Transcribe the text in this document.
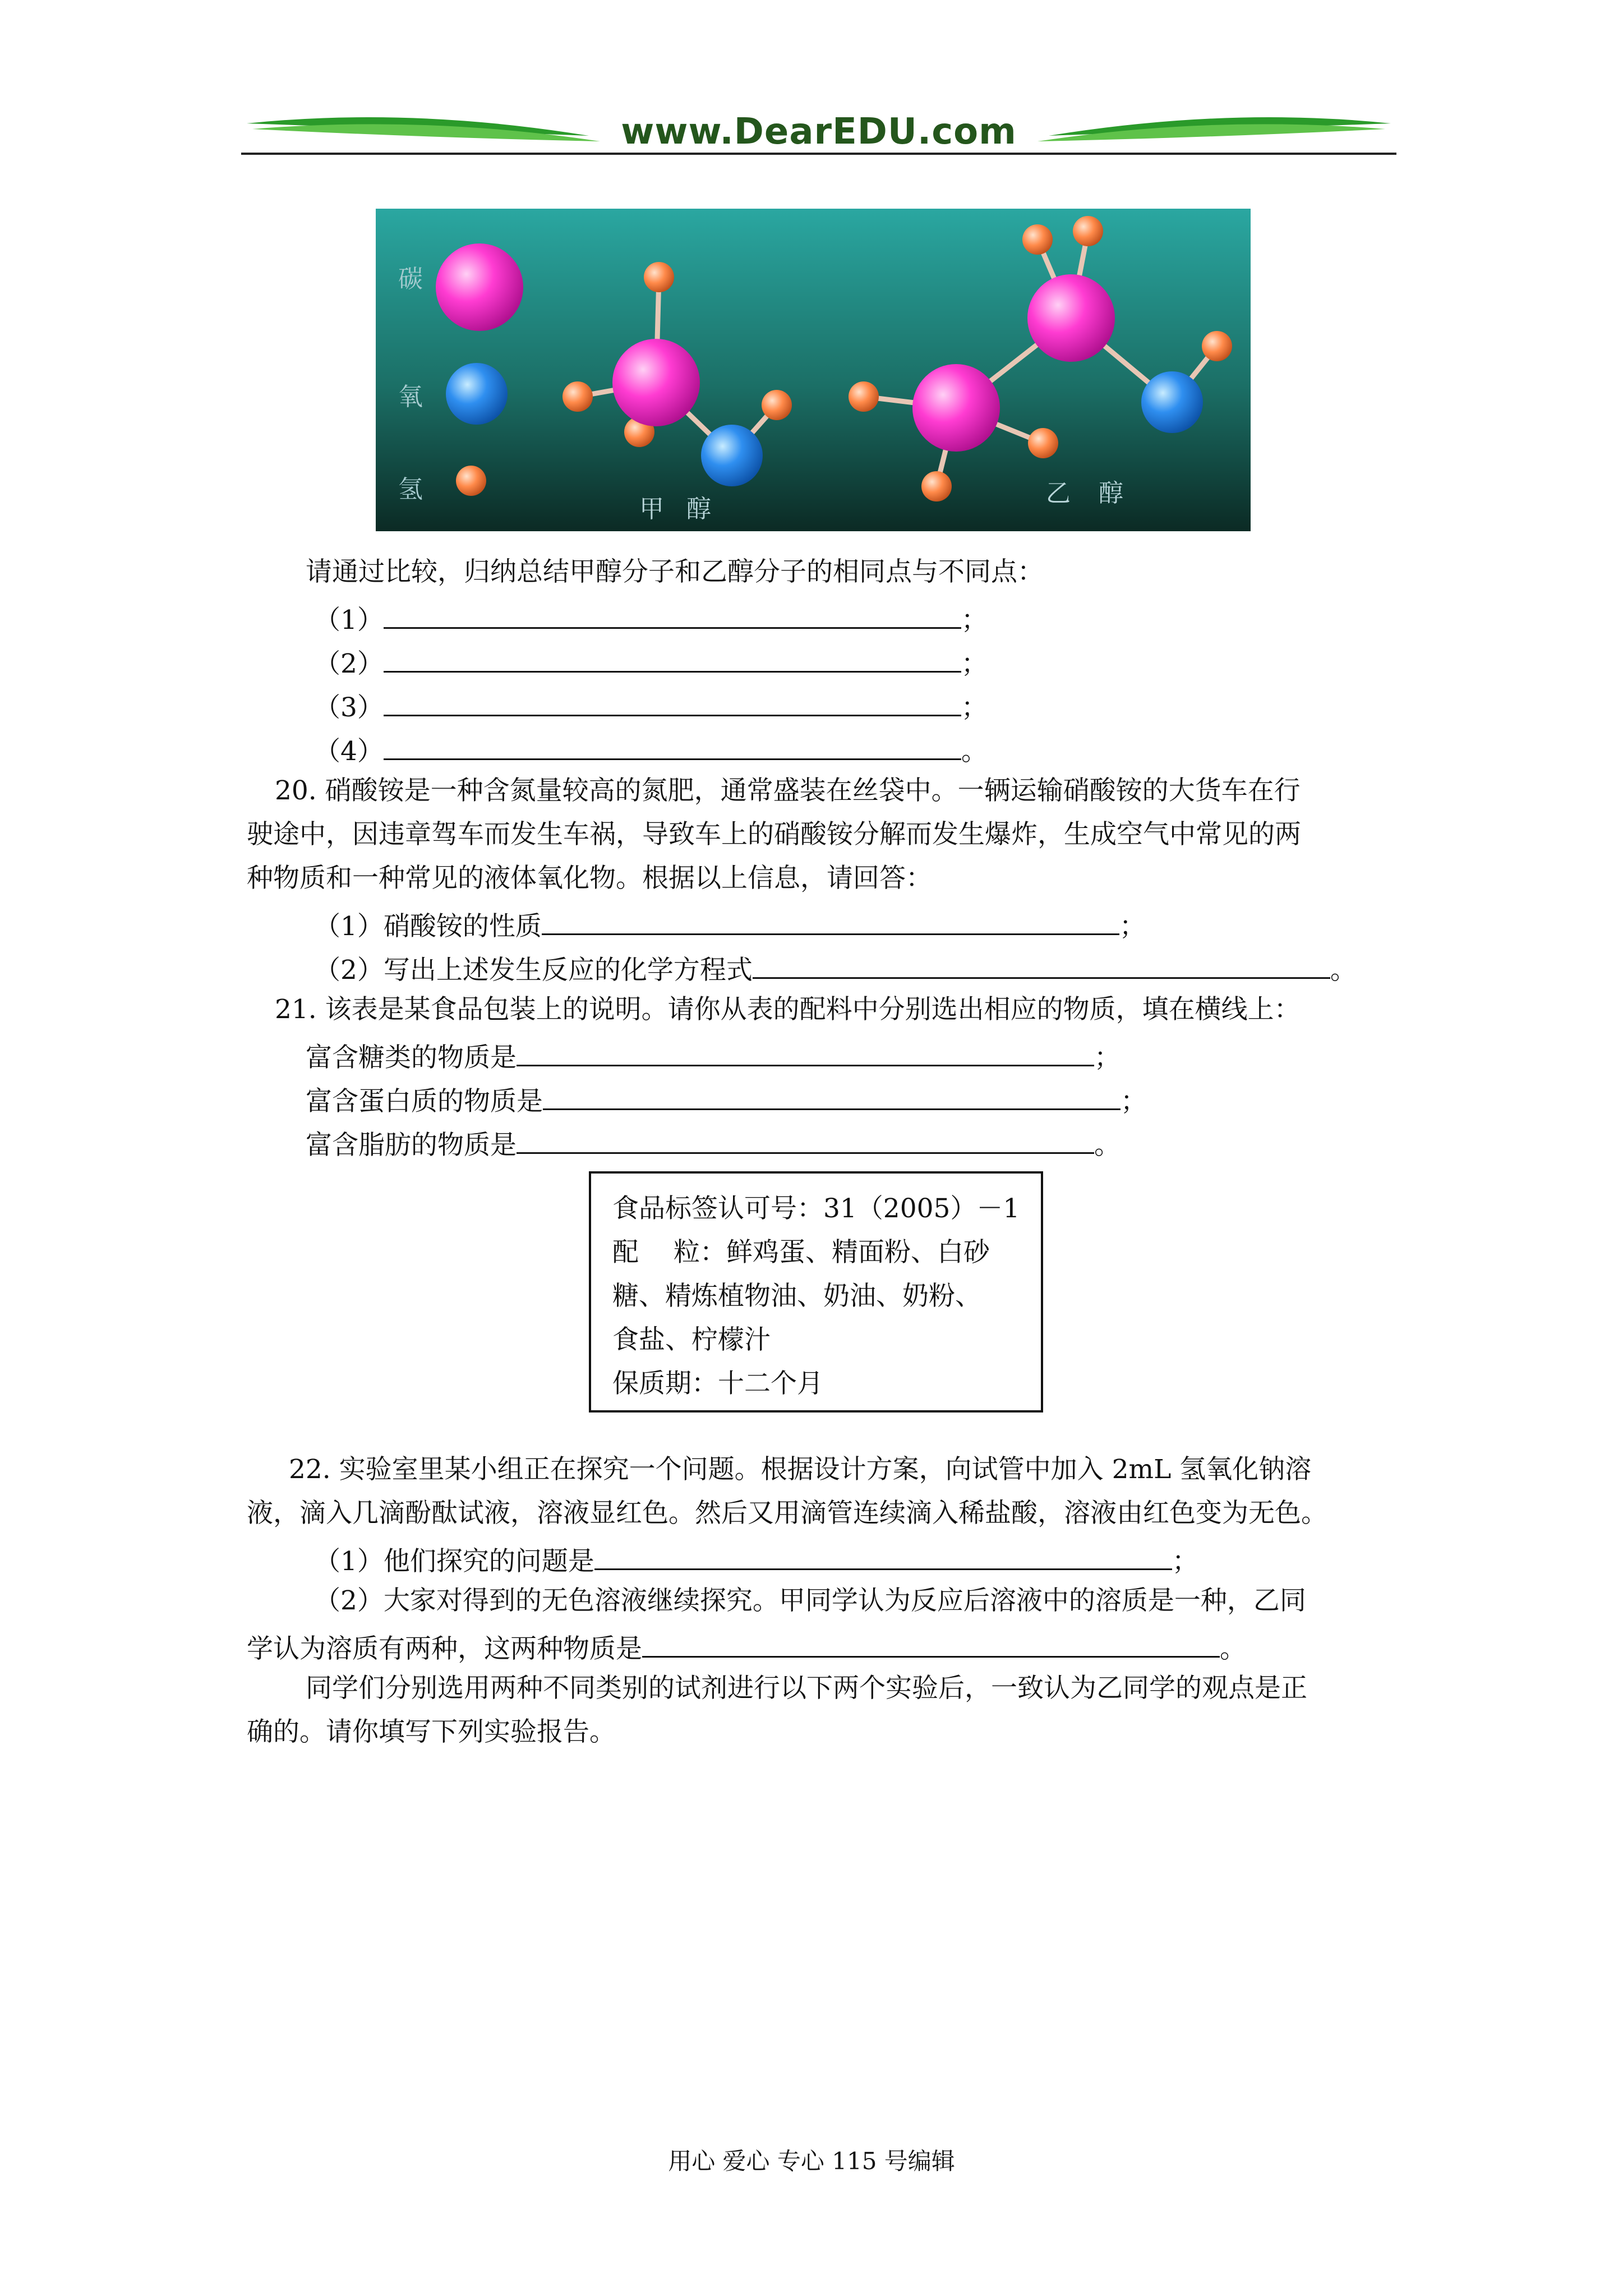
www.DearEDU.com
碳
氧
氢
甲醇
乙醇
请通过比较，归纳总结甲醇分子和乙醇分子的相同点与不同点：
（1）	；
（2）	；
（3）	；
（4）	。
20. 硝酸铵是一种含氮量较高的氮肥，通常盛装在丝袋中。一辆运输硝酸铵的大货车在行
驶途中，因违章驾车而发生车祸，导致车上的硝酸铵分解而发生爆炸，生成空气中常见的两
种物质和一种常见的液体氧化物。根据以上信息，请回答：
（1）硝酸铵的性质	；
（2）写出上述发生反应的化学方程式	。
21. 该表是某食品包装上的说明。请你从表的配料中分别选出相应的物质，填在横线上：
富含糖类的物质是	；
富含蛋白质的物质是	；
富含脂肪的物质是	。
食品标签认可号：31（2005）－1
配　 粒：鲜鸡蛋、精面粉、白砂
糖、精炼植物油、奶油、奶粉、
食盐、柠檬汁
保质期：十二个月
22. 实验室里某小组正在探究一个问题。根据设计方案，向试管中加入 2mL 氢氧化钠溶
液，滴入几滴酚酞试液，溶液显红色。然后又用滴管连续滴入稀盐酸，溶液由红色变为无色。
（1）他们探究的问题是	；
（2）大家对得到的无色溶液继续探究。甲同学认为反应后溶液中的溶质是一种，乙同
学认为溶质有两种，这两种物质是	。
同学们分别选用两种不同类别的试剂进行以下两个实验后，一致认为乙同学的观点是正
确的。请你填写下列实验报告。
用心 爱心 专心 115 号编辑
